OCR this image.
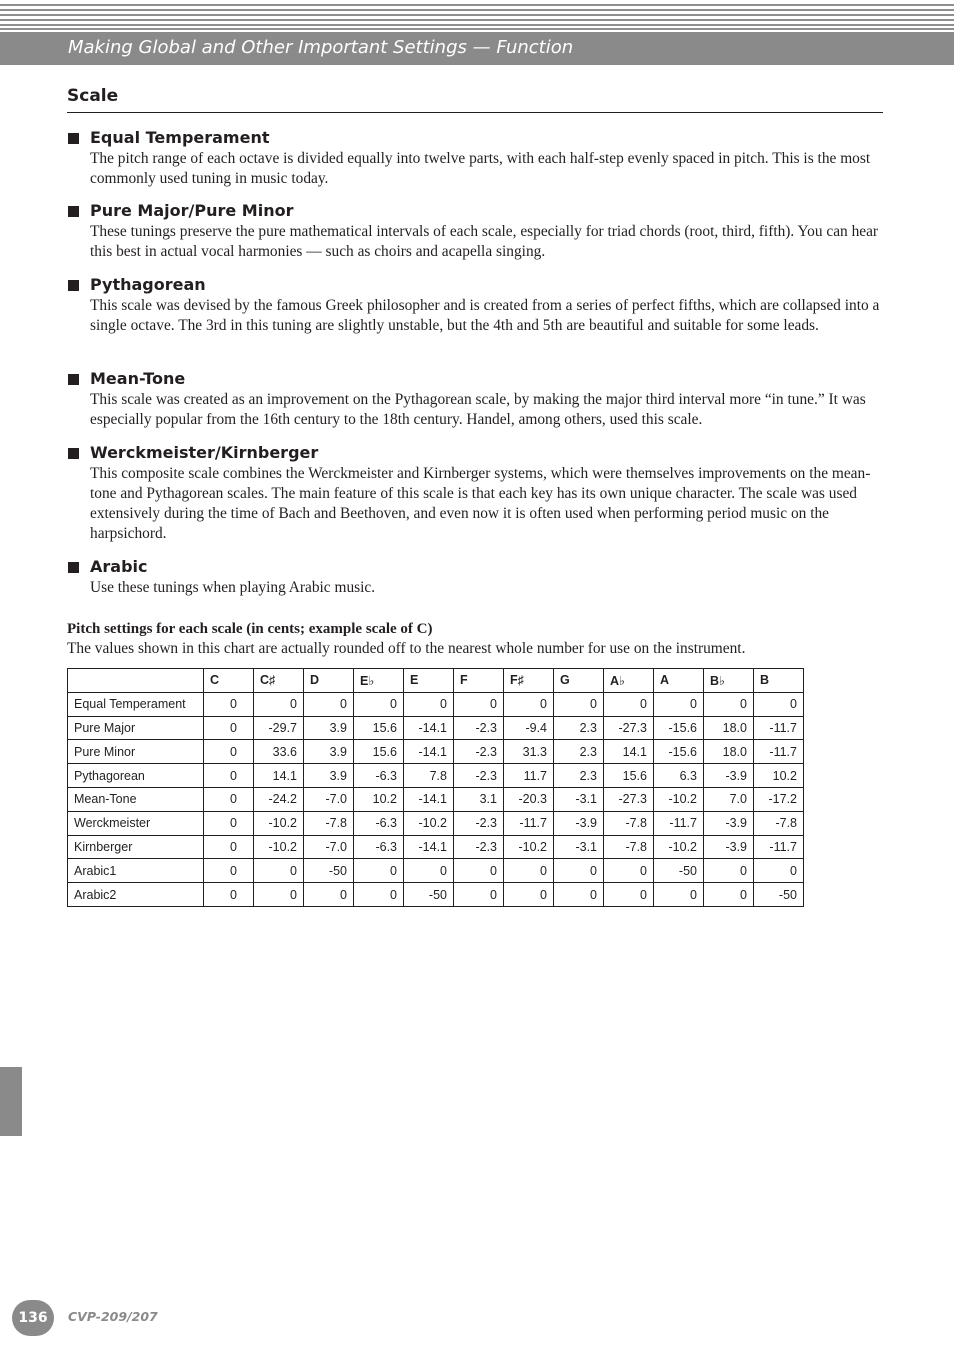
Making Global and Other Important Settings — Function
Scale
Equal Temperament

The pitch range of each octave is divided equally into twelve parts, with each half-step evenly spaced in pitch. This is the most commonly used tuning in music today.

Pure Major/Pure Minor

These tunings preserve the pure mathematical intervals of each scale, especially for triad chords (root, third, fifth). You can hear this best in actual vocal harmonies — such as choirs and acapella singing.

Pythagorean

This scale was devised by the famous Greek philosopher and is created from a series of perfect fifths, which are collapsed into a single octave. The 3rd in this tuning are slightly unstable, but the 4th and 5th are beautiful and suitable for some leads.

Mean-Tone

This scale was created as an improvement on the Pythagorean scale, by making the major third interval more “in tune.” It was especially popular from the 16th century to the 18th century. Handel, among others, used this scale.

Werckmeister/Kirnberger

This composite scale combines the Werckmeister and Kirnberger systems, which were themselves improvements on the mean-tone and Pythagorean scales. The main feature of this scale is that each key has its own unique character. The scale was used extensively during the time of Bach and Beethoven, and even now it is often used when performing period music on the harpsichord.

Arabic

Use these tunings when playing Arabic music.

Pitch settings for each scale (in cents; example scale of C)
The values shown in this chart are actually rounded off to the nearest whole number for use on the instrument.
	C	C♯	D	E♭	E	F	F♯	G	A♭	A	B♭	B
Equal Temperament	0	0	0	0	0	0	0	0	0	0	0	0
Pure Major	0	-29.7	3.9	15.6	-14.1	-2.3	-9.4	2.3	-27.3	-15.6	18.0	-11.7
Pure Minor	0	33.6	3.9	15.6	-14.1	-2.3	31.3	2.3	14.1	-15.6	18.0	-11.7
Pythagorean	0	14.1	3.9	-6.3	7.8	-2.3	11.7	2.3	15.6	6.3	-3.9	10.2
Mean-Tone	0	-24.2	-7.0	10.2	-14.1	3.1	-20.3	-3.1	-27.3	-10.2	7.0	-17.2
Werckmeister	0	-10.2	-7.8	-6.3	-10.2	-2.3	-11.7	-3.9	-7.8	-11.7	-3.9	-7.8
Kirnberger	0	-10.2	-7.0	-6.3	-14.1	-2.3	-10.2	-3.1	-7.8	-10.2	-3.9	-11.7
Arabic1	0	0	-50	0	0	0	0	0	0	-50	0	0
Arabic2	0	0	0	0	-50	0	0	0	0	0	0	-50
136	CVP-209/207
